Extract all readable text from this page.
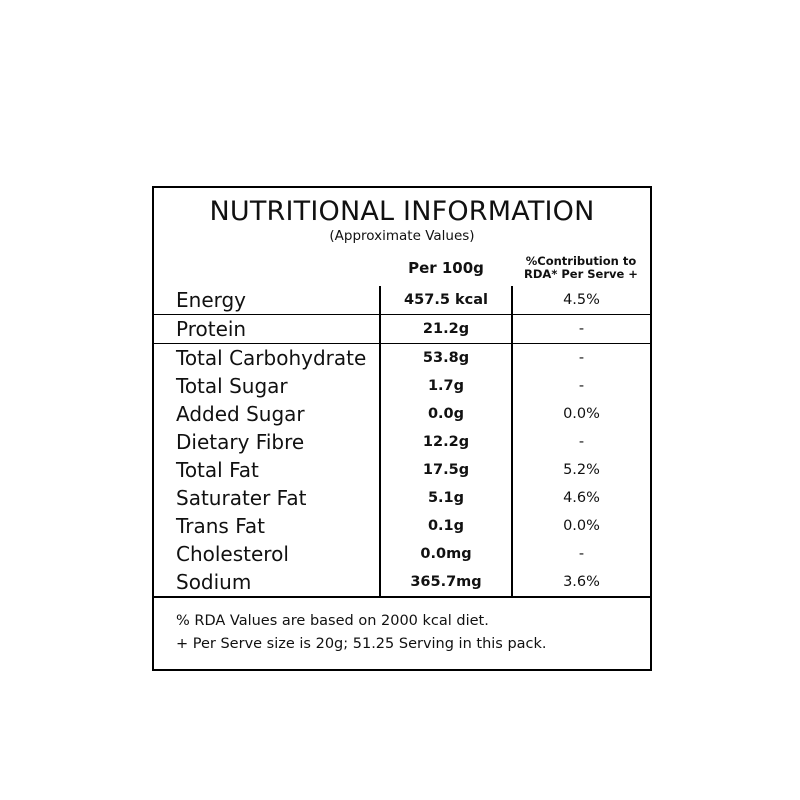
NUTRITIONAL INFORMATION
(Approximate Values)
	Per 100g	%Contribution to
RDA* Per Serve +

Energy	457.5 kcal	4.5%
Protein	21.2g	-
Total Carbohydrate	53.8g	-
Total Sugar	1.7g	-
Added Sugar	0.0g	0.0%
Dietary Fibre	12.2g	-
Total Fat	17.5g	5.2%
Saturater Fat	5.1g	4.6%
Trans Fat	0.1g	0.0%
Cholesterol	0.0mg	-
Sodium	365.7mg	3.6%
% RDA Values are based on 2000 kcal diet.
+ Per Serve size is 20g; 51.25 Serving in this pack.
